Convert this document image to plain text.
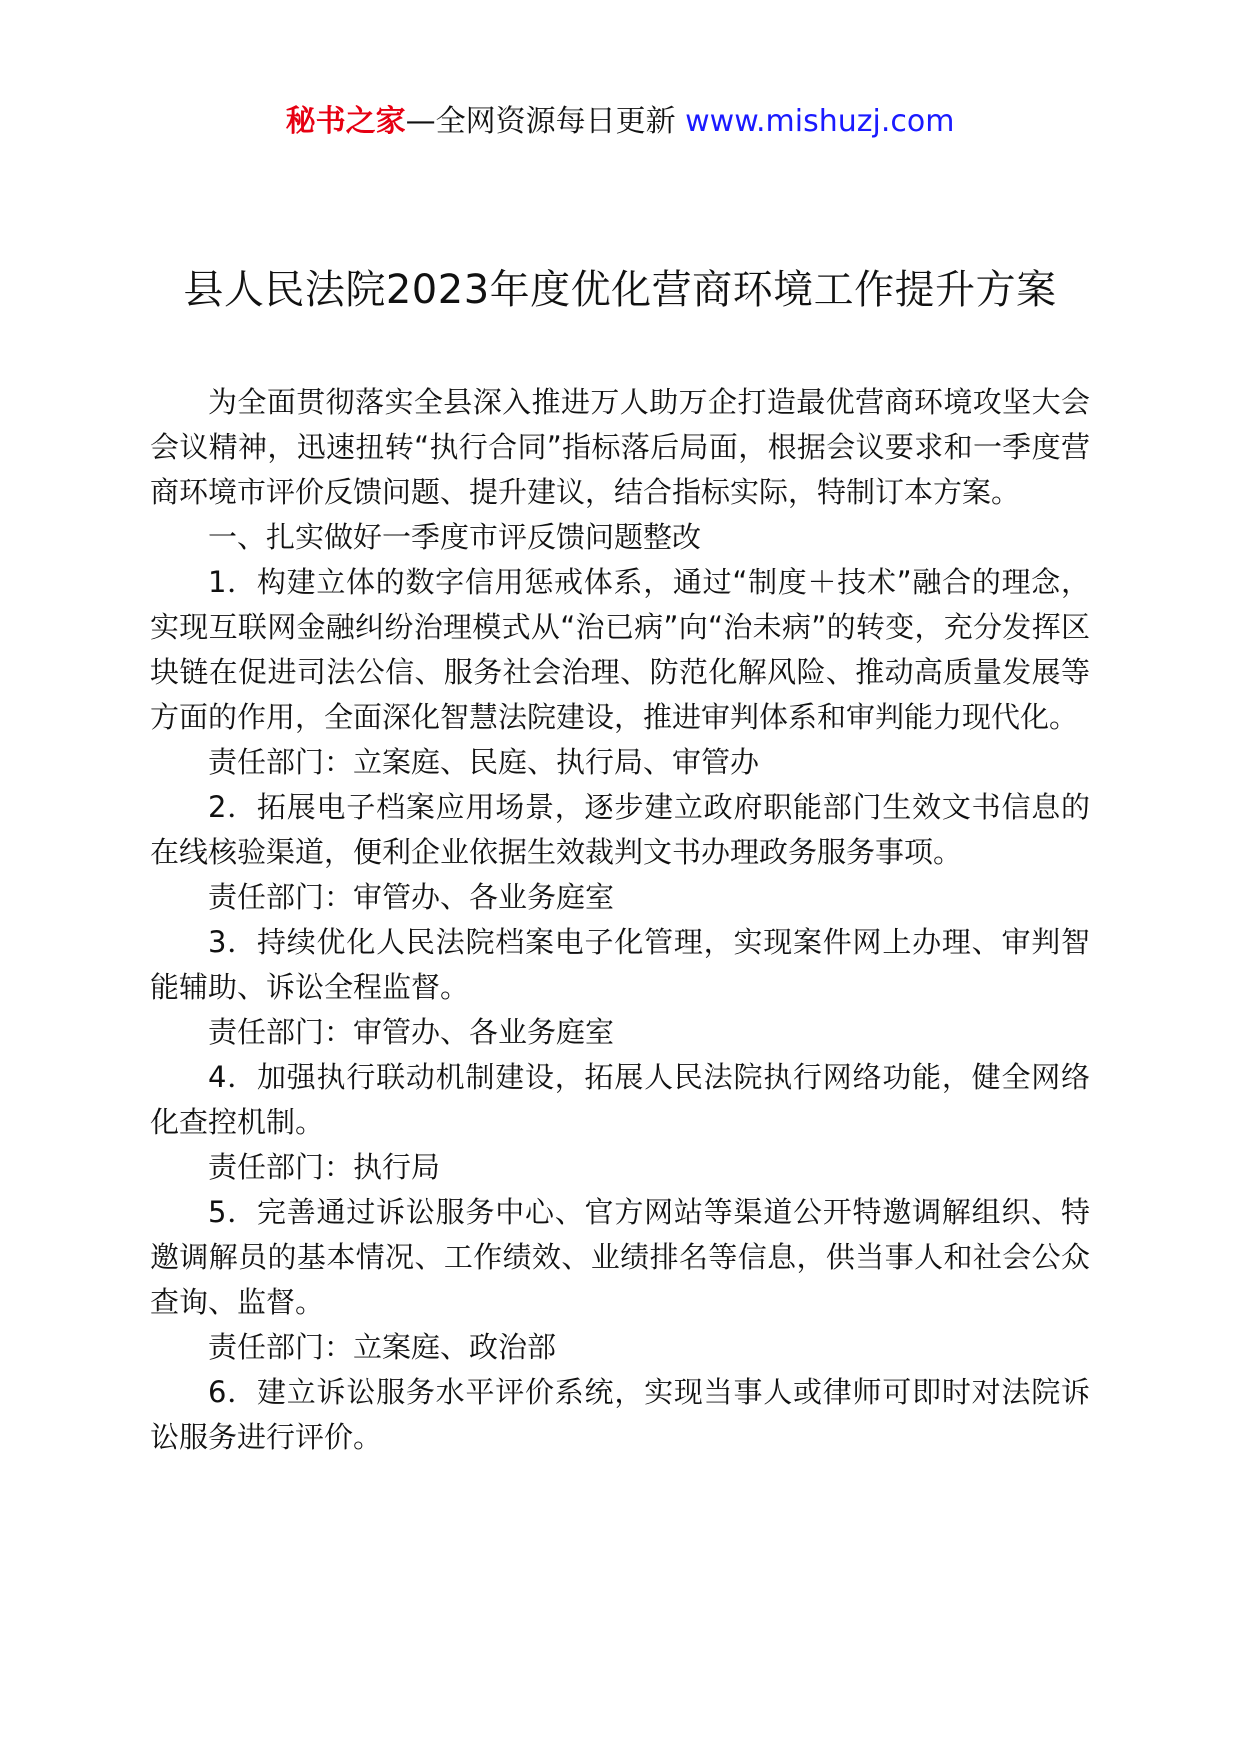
秘书之家—全网资源每日更新 www.mishuzj.com
县人民法院2023年度优化营商环境工作提升方案

为全面贯彻落实全县深入推进万人助万企打造最优营商环境攻坚大会会议精神，迅速扭转“执行合同”指标落后局面，根据会议要求和一季度营商环境市评价反馈问题、提升建议，结合指标实际，特制订本方案。

一、扎实做好一季度市评反馈问题整改

1．构建立体的数字信用惩戒体系，通过“制度＋技术”融合的理念，实现互联网金融纠纷治理模式从“治已病”向“治未病”的转变，充分发挥区块链在促进司法公信、服务社会治理、防范化解风险、推动高质量发展等方面的作用，全面深化智慧法院建设，推进审判体系和审判能力现代化。

责任部门：立案庭、民庭、执行局、审管办

2．拓展电子档案应用场景，逐步建立政府职能部门生效文书信息的在线核验渠道，便利企业依据生效裁判文书办理政务服务事项。

责任部门：审管办、各业务庭室

3．持续优化人民法院档案电子化管理，实现案件网上办理、审判智能辅助、诉讼全程监督。

责任部门：审管办、各业务庭室

4．加强执行联动机制建设，拓展人民法院执行网络功能，健全网络化查控机制。

责任部门：执行局

5．完善通过诉讼服务中心、官方网站等渠道公开特邀调解组织、特邀调解员的基本情况、工作绩效、业绩排名等信息，供当事人和社会公众查询、监督。

责任部门：立案庭、政治部

6．建立诉讼服务水平评价系统，实现当事人或律师可即时对法院诉讼服务进行评价。
